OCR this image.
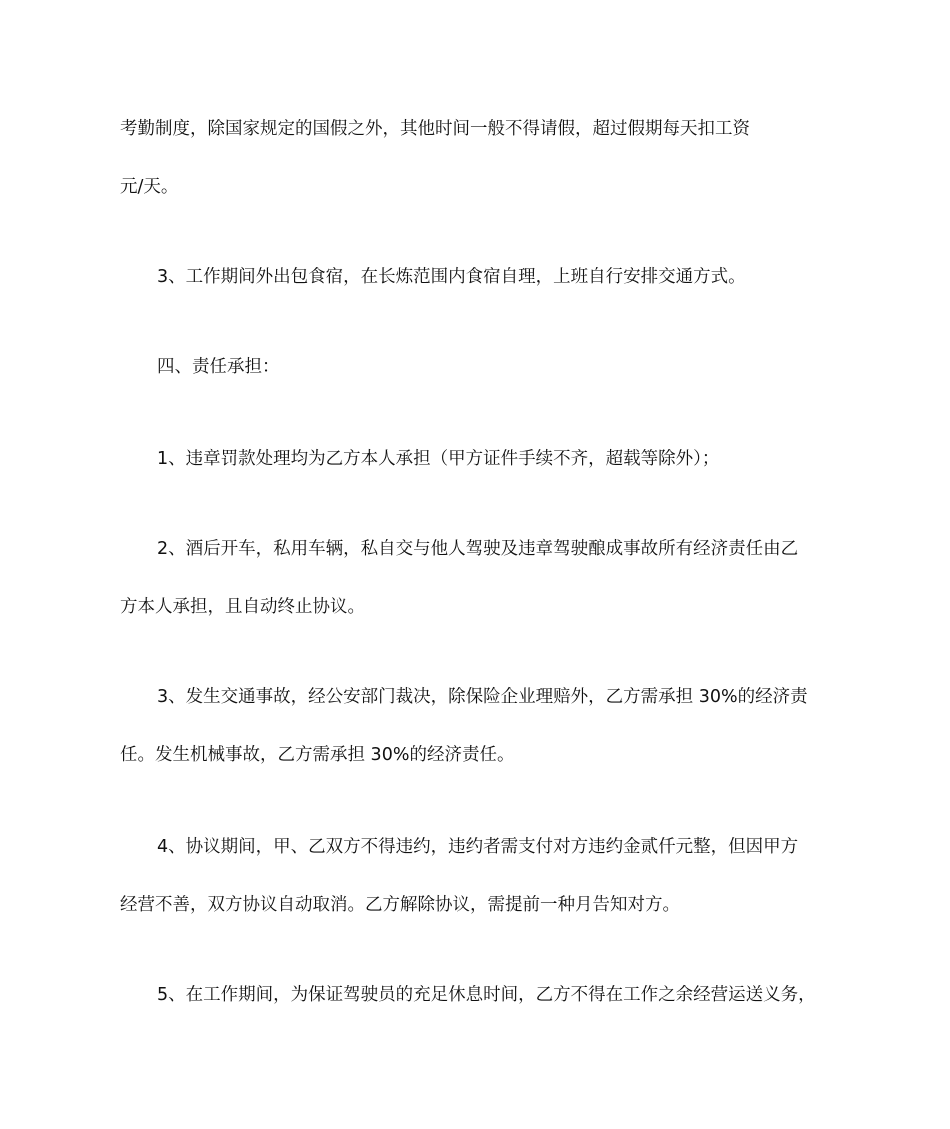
考勤制度，除国家规定的国假之外，其他时间一般不得请假，超过假期每天扣工资
元/天。
3、工作期间外出包食宿，在长炼范围内食宿自理，上班自行安排交通方式。
四、责任承担：
1、违章罚款处理均为乙方本人承担（甲方证件手续不齐，超载等除外）；
2、酒后开车，私用车辆，私自交与他人驾驶及违章驾驶酿成事故所有经济责任由乙
方本人承担，且自动终止协议。
3、发生交通事故，经公安部门裁决，除保险企业理赔外，乙方需承担 30%的经济责
任。发生机械事故，乙方需承担 30%的经济责任。
4、协议期间，甲、乙双方不得违约，违约者需支付对方违约金贰仟元整，但因甲方
经营不善，双方协议自动取消。乙方解除协议，需提前一种月告知对方。
5、在工作期间，为保证驾驶员的充足休息时间，乙方不得在工作之余经营运送义务，
